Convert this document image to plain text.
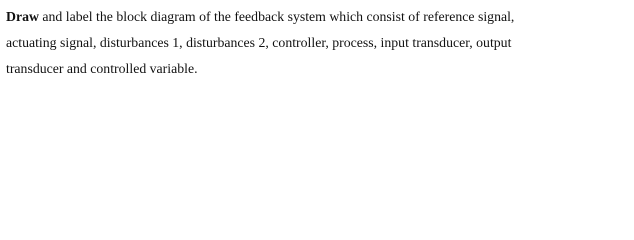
Draw and label the block diagram of the feedback system which consist of reference signal,
actuating signal, disturbances 1, disturbances 2, controller, process, input transducer, output
transducer and controlled variable.
